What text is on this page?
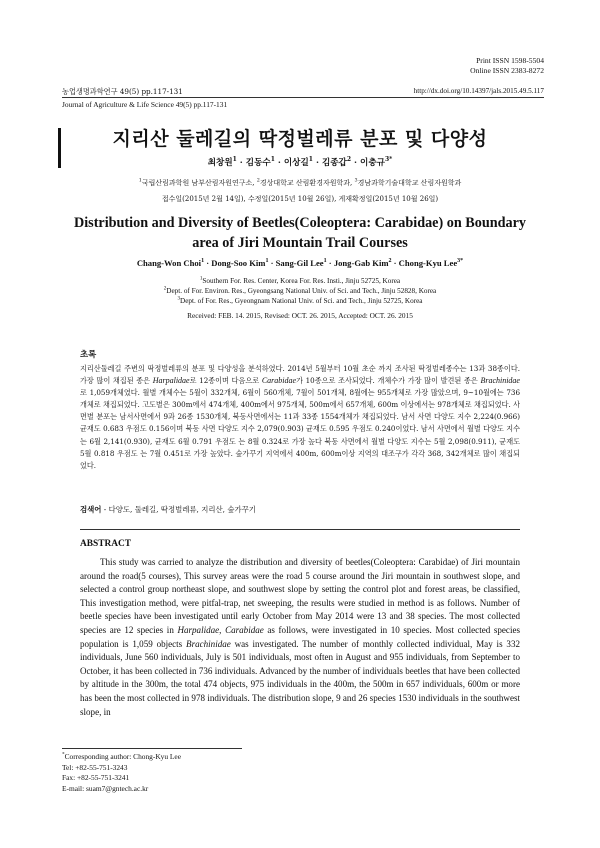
Print ISSN 1598-5504
Online ISSN 2383-8272
농업생명과학연구 49(5) pp.117-131	http://dx.doi.org/10.14397/jals.2015.49.5.117
Journal of Agriculture & Life Science 49(5) pp.117-131
지리산 둘레길의 딱정벌레류 분포 및 다양성
최창원$^1$ · 김동수$^1$ · 이상길$^1$ · 김종갑$^2$ · 이충규$^{3*}$
$^1$국립산림과학원 남부산림자원연구소, $^2$경상대학교 산림환경자원학과, $^3$경남과학기술대학교 산림자원학과
접수일(2015년 2월 14일), 수정일(2015년 10월 26일), 게재확정일(2015년 10월 26일)
Distribution and Diversity of Beetles(Coleoptera: Carabidae) on Boundary area of Jiri Mountain Trail Courses
Chang-Won Choi$^1$ · Dong-Soo Kim$^1$ · Sang-Gil Lee$^1$ · Jong-Gab Kim$^2$ · Chong-Kyu Lee$^{3*}$
$^1$Southern For. Res. Center, Korea For. Res. Insti., Jinju 52725, Korea
$^2$Dept. of For. Environ. Res., Gyeongsang National Univ. of Sci. and Tech., Jinju 52828, Korea
$^3$Dept. of For. Res., Gyeongnam National Univ. of Sci. and Tech., Jinju 52725, Korea
Received: FEB. 14. 2015, Revised: OCT. 26. 2015, Accepted: OCT. 26. 2015
초록
지리산둘레길 주변의 딱정벌레류의 분포 및 다양성을 분석하였다. 2014년 5월부터 10월 초순 까지 조사된 딱정벌레종수는 13과 38종이다. 가장 많이 채집된 종은 Harpalidae로 12종이며 다음으로 Carabidae가 10종으로 조사되었다. 개체수가 가장 많이 발견된 종은 Brachinidae로 1,059개체였다. 월별 개체수는 5월이 332개체, 6월이 560개체, 7월이 501개체, 8월에는 955개체로 가장 많았으며, 9~10월에는 736개체로 채집되었다. 고도별은 300m에서 474개체, 400m에서 975개체, 500m에서 657개체, 600m 이상에서는 978개체로 채집되었다. 사면별 분포는 남서사면에서 9과 26종 1530개체, 북동사면에서는 11과 33종 1554개체가 채집되었다. 남서 사면 다양도 지수 2,224(0.966) 균재도 0.683 우점도 0.156이며 북동 사면 다양도 지수 2,079(0.903) 균재도 0.595 우점도 0.240이었다. 남서 사면에서 월별 다양도 지수는 6월 2,141(0.930), 균재도 6월 0.791 우점도 는 8월 0.324로 가장 높다 북동 사면에서 월별 다양도 지수는 5월 2,098(0.911), 균재도 5월 0.818 우점도 는 7월 0.451로 가장 높았다. 숲가꾸기 지역에서 400m, 600m이상 지역의 대조구가 각각 368, 342개체로 많이 채집되었다.
검색어 - 다양도, 둘레길, 딱정벌레류, 지리산, 숲가꾸기
ABSTRACT
This study was carried to analyze the distribution and diversity of beetles(Coleoptera: Carabidae) of Jiri mountain around the road(5 courses), This survey areas were the road 5 course around the Jiri mountain in southwest slope, and selected a control group northeast slope, and southwest slope by setting the control plot and forest areas, be classified, This investigation method, were pitfal-trap, net sweeping, the results were studied in method is as follows. Number of beetle species have been investigated until early October from May 2014 were 13 and 38 species. The most collected species are 12 species in Harpalidae, Carabidae as follows, were investigated in 10 species. Most collected species population is 1,059 objects Brachinidae was investigated. The number of monthly collected individual, May is 332 individuals, June 560 individuals, July is 501 individuals, most often in August and 955 individuals, from September to October, it has been collected in 736 individuals. Advanced by the number of individuals beetles that have been collected by altitude in the 300m, the total 474 objects, 975 individuals in the 400m, the 500m in 657 individuals, 600m or more has been the most collected in 978 individuals. The distribution slope, 9 and 26 species 1530 individuals in the southwest slope, in
*Corresponding author: Chong-Kyu Lee
Tel: +82-55-751-3243
Fax: +82-55-751-3241
E-mail: suam7@gntech.ac.kr
